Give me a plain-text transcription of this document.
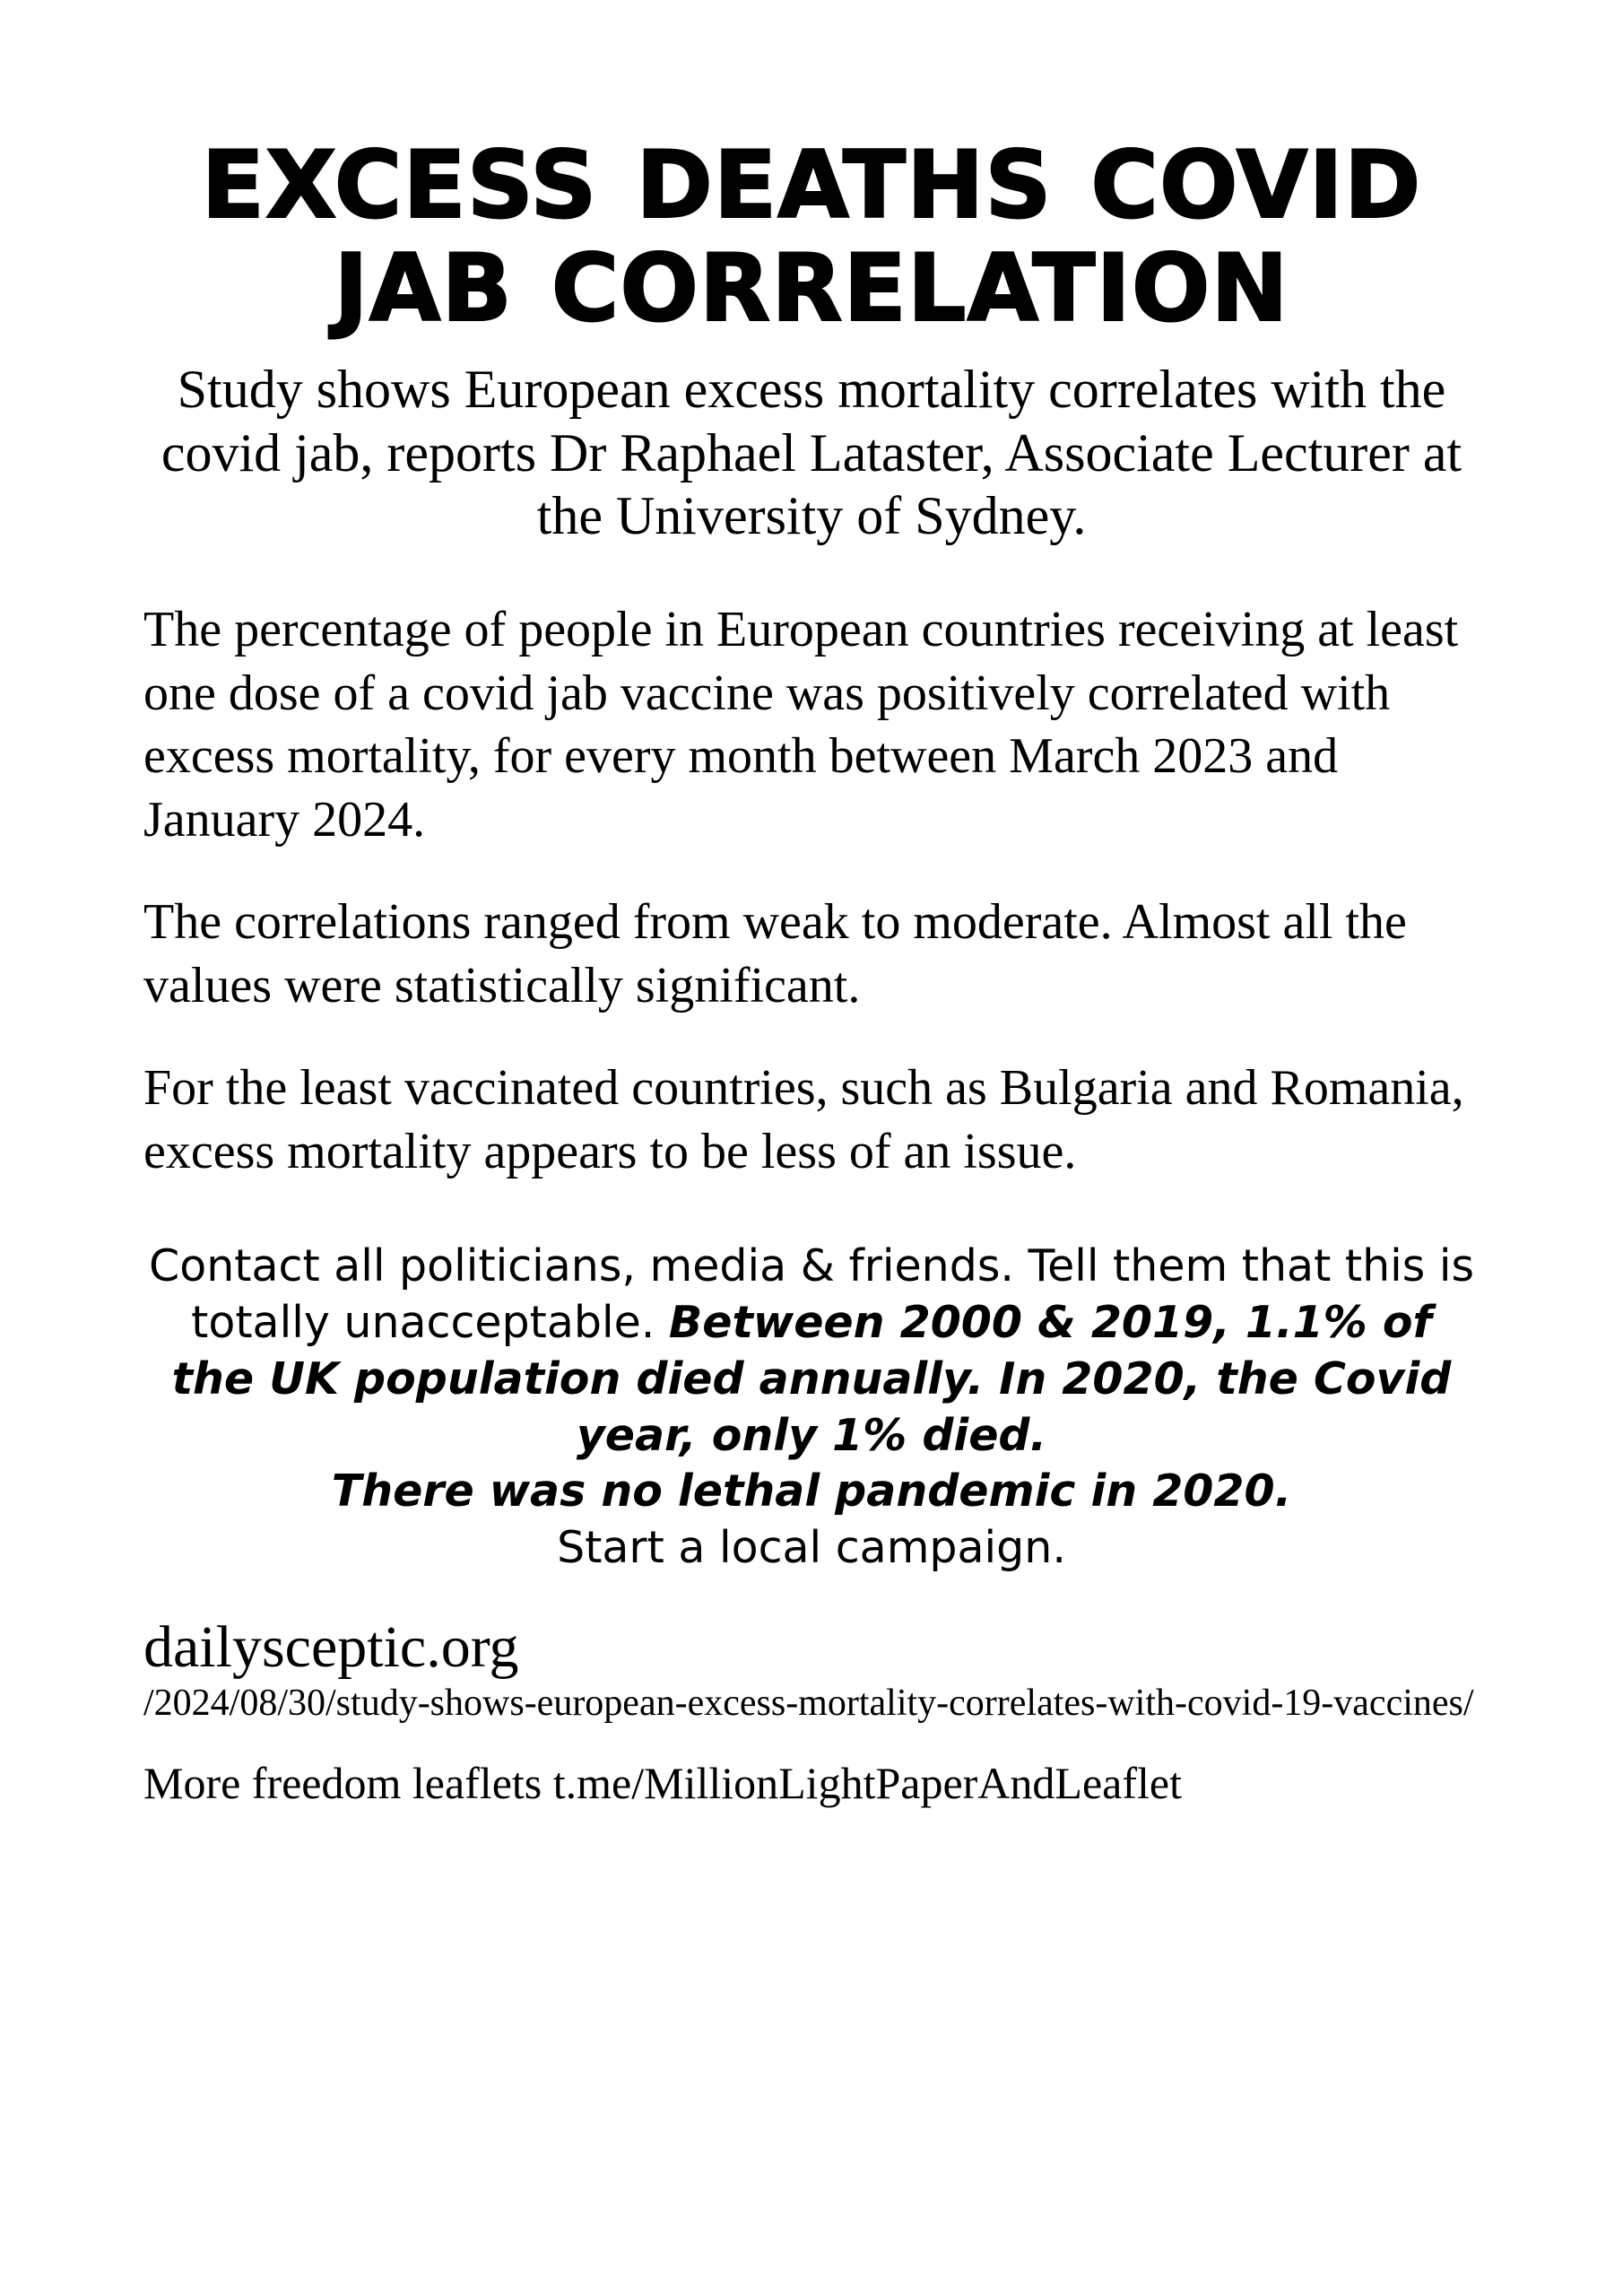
EXCESS DEATHS COVID JAB CORRELATION

Study shows European excess mortality correlates with the covid jab, reports Dr Raphael Lataster, Associate Lecturer at the University of Sydney.

The percentage of people in European countries receiving at least one dose of a covid jab vaccine was positively correlated with excess mortality, for every month between March 2023 and January 2024.

The correlations ranged from weak to moderate. Almost all the values were statistically significant.

For the least vaccinated countries, such as Bulgaria and Romania, excess mortality appears to be less of an issue.

Contact all politicians, media & friends. Tell them that this is totally unacceptable. Between 2000 & 2019, 1.1% of the UK population died annually. In 2020, the Covid year, only 1% died.
There was no lethal pandemic in 2020.
Start a local campaign.

dailysceptic.org

/2024/08/30/study-shows-european-excess-mortality-correlates-with-covid-19-vaccines/

More freedom leaflets t.me/MillionLightPaperAndLeaflet
